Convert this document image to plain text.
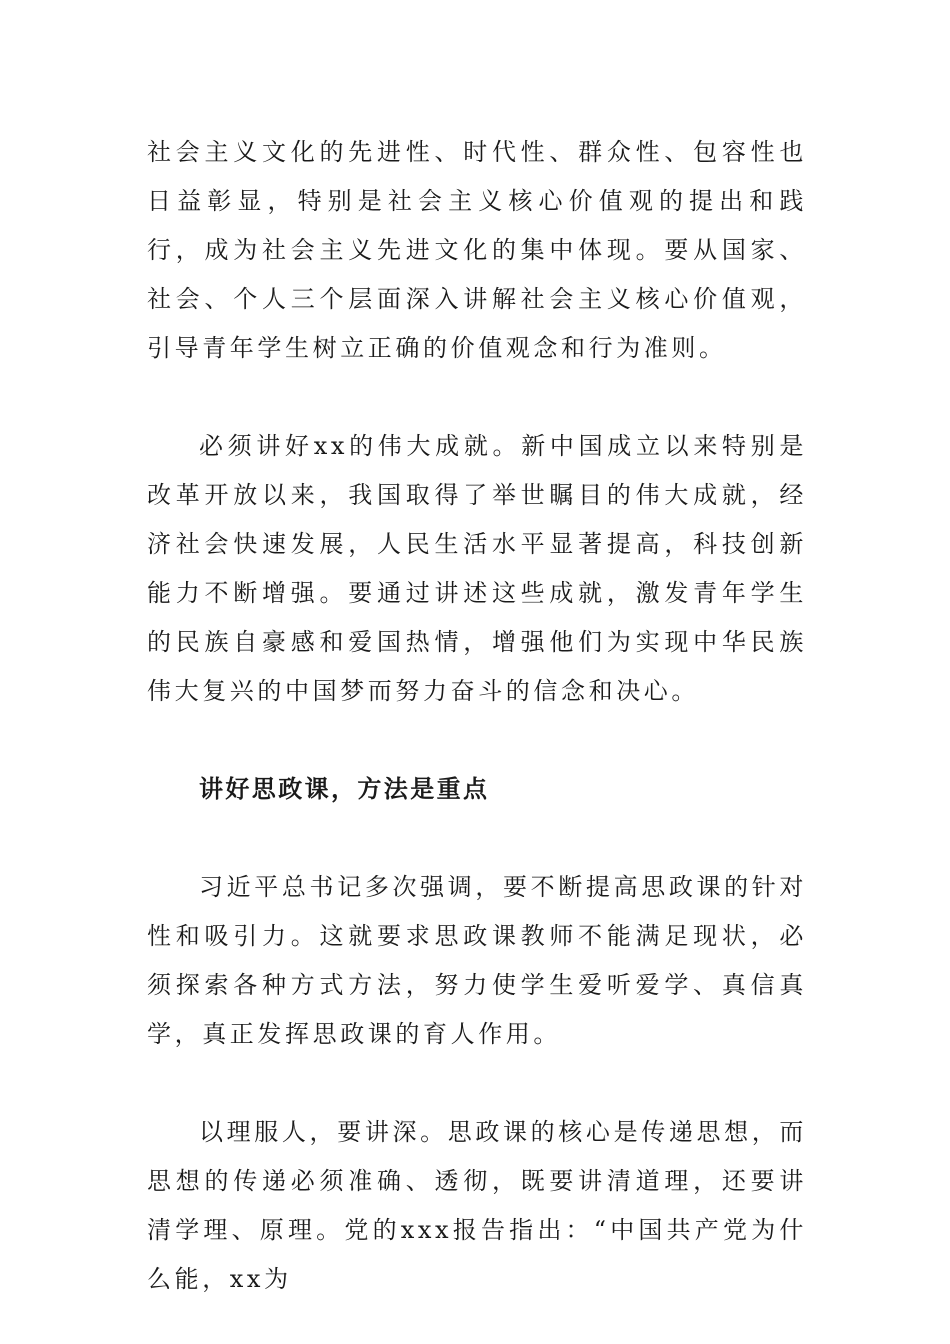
社会主义文化的先进性、时代性、群众性、包容性也日益彰显，特别是社会主义核心价值观的提出和践行，成为社会主义先进文化的集中体现。要从国家、社会、个人三个层面深入讲解社会主义核心价值观，引导青年学生树立正确的价值观念和行为准则。

必须讲好xx的伟大成就。新中国成立以来特别是改革开放以来，我国取得了举世瞩目的伟大成就，经济社会快速发展，人民生活水平显著提高，科技创新能力不断增强。要通过讲述这些成就，激发青年学生的民族自豪感和爱国热情，增强他们为实现中华民族伟大复兴的中国梦而努力奋斗的信念和决心。

讲好思政课，方法是重点

习近平总书记多次强调，要不断提高思政课的针对性和吸引力。这就要求思政课教师不能满足现状，必须探索各种方式方法，努力使学生爱听爱学、真信真学，真正发挥思政课的育人作用。

以理服人，要讲深。思政课的核心是传递思想，而思想的传递必须准确、透彻，既要讲清道理，还要讲清学理、原理。党的xxx报告指出：“中国共产党为什么能，xx为
